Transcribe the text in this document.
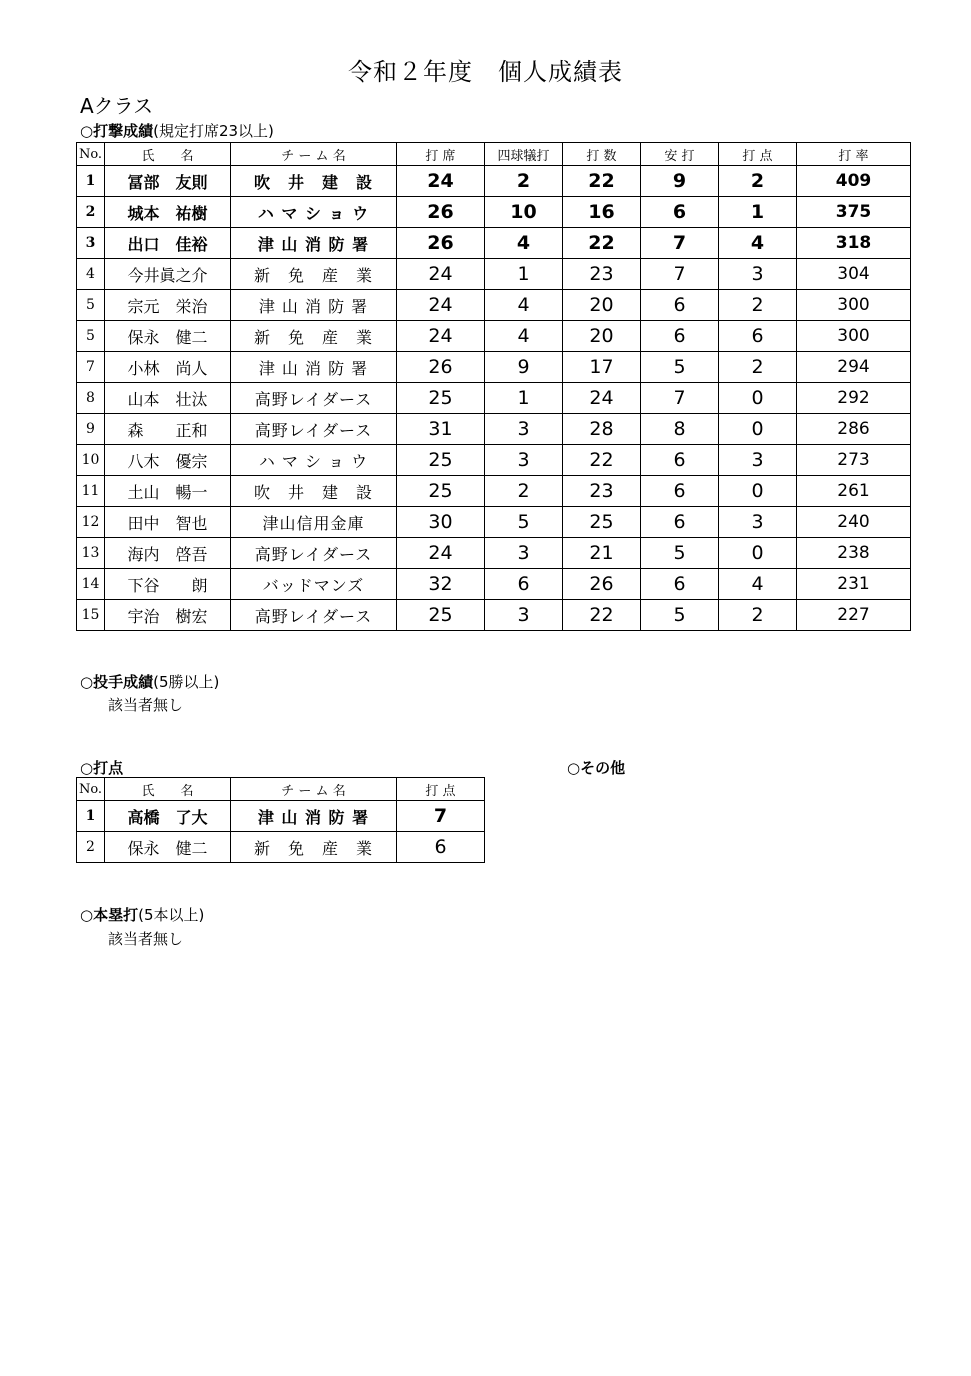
令和２年度　個人成績表
Aクラス
○打撃成績(規定打席23以上)
No.	氏　　名	チ ー ム 名	打 席	四球犠打	打 数	安 打	打 点	打 率
1	冨部　友則	吹　井　建　設	24	2	22	9	2	409
2	城本　祐樹	ハ マ シ ョ ウ	26	10	16	6	1	375
3	出口　佳裕	津 山 消 防 署	26	4	22	7	4	318
4	今井眞之介	新　免　産　業	24	1	23	7	3	304
5	宗元　栄治	津 山 消 防 署	24	4	20	6	2	300
5	保永　健二	新　免　産　業	24	4	20	6	6	300
7	小林　尚人	津 山 消 防 署	26	9	17	5	2	294
8	山本　壮汰	高野レイダース	25	1	24	7	0	292
9	森　　正和	高野レイダース	31	3	28	8	0	286
10	八木　優宗	ハ マ シ ョ ウ	25	3	22	6	3	273
11	土山　暢一	吹　井　建　設	25	2	23	6	0	261
12	田中　智也	津山信用金庫	30	5	25	6	3	240
13	海内　啓吾	高野レイダース	24	3	21	5	0	238
14	下谷　　朗	バッドマンズ	32	6	26	6	4	231
15	宇治　樹宏	高野レイダース	25	3	22	5	2	227
○投手成績(5勝以上)
該当者無し
○打点	○その他
No.	氏　　名	チ ー ム 名	打 点
1	高橋　了大	津 山 消 防 署	7
2	保永　健二	新　免　産　業	6
○本塁打(5本以上)
該当者無し
